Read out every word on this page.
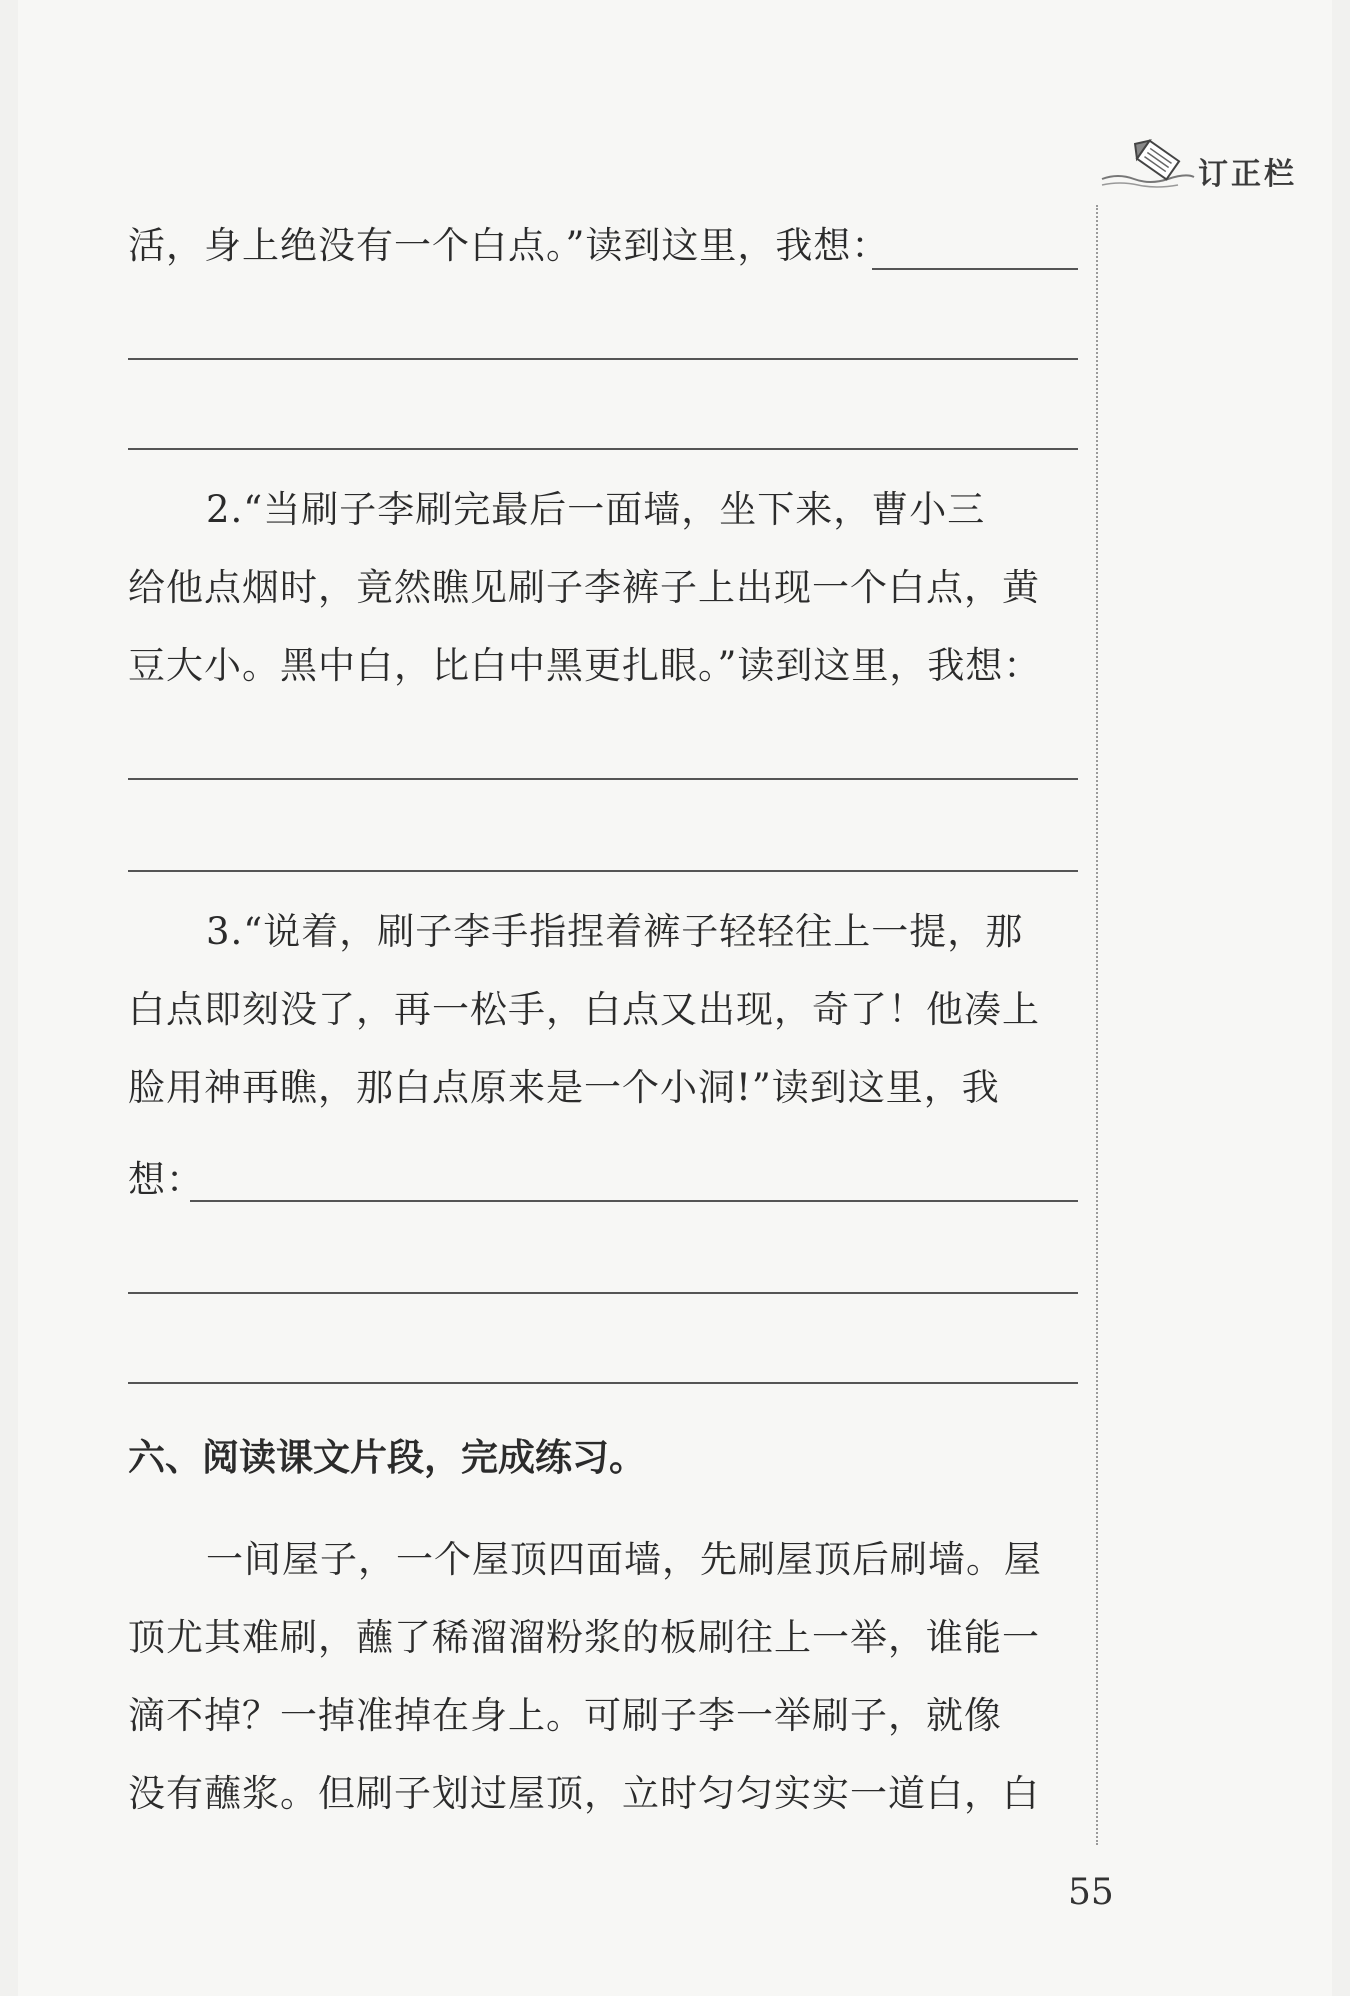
订正栏
活，身上绝没有一个白点。”读到这里，我想：
2.“当刷子李刷完最后一面墙，坐下来，曹小三
给他点烟时，竟然瞧见刷子李裤子上出现一个白点，黄
豆大小。黑中白，比白中黑更扎眼。”读到这里，我想：
3.“说着，刷子李手指捏着裤子轻轻往上一提，那
白点即刻没了，再一松手，白点又出现，奇了！他凑上
脸用神再瞧，那白点原来是一个小洞!”读到这里，我
想：
六、阅读课文片段，完成练习。
一间屋子，一个屋顶四面墙，先刷屋顶后刷墙。屋
顶尤其难刷，蘸了稀溜溜粉浆的板刷往上一举，谁能一
滴不掉？一掉准掉在身上。可刷子李一举刷子，就像
没有蘸浆。但刷子划过屋顶，立时匀匀实实一道白，白
55
